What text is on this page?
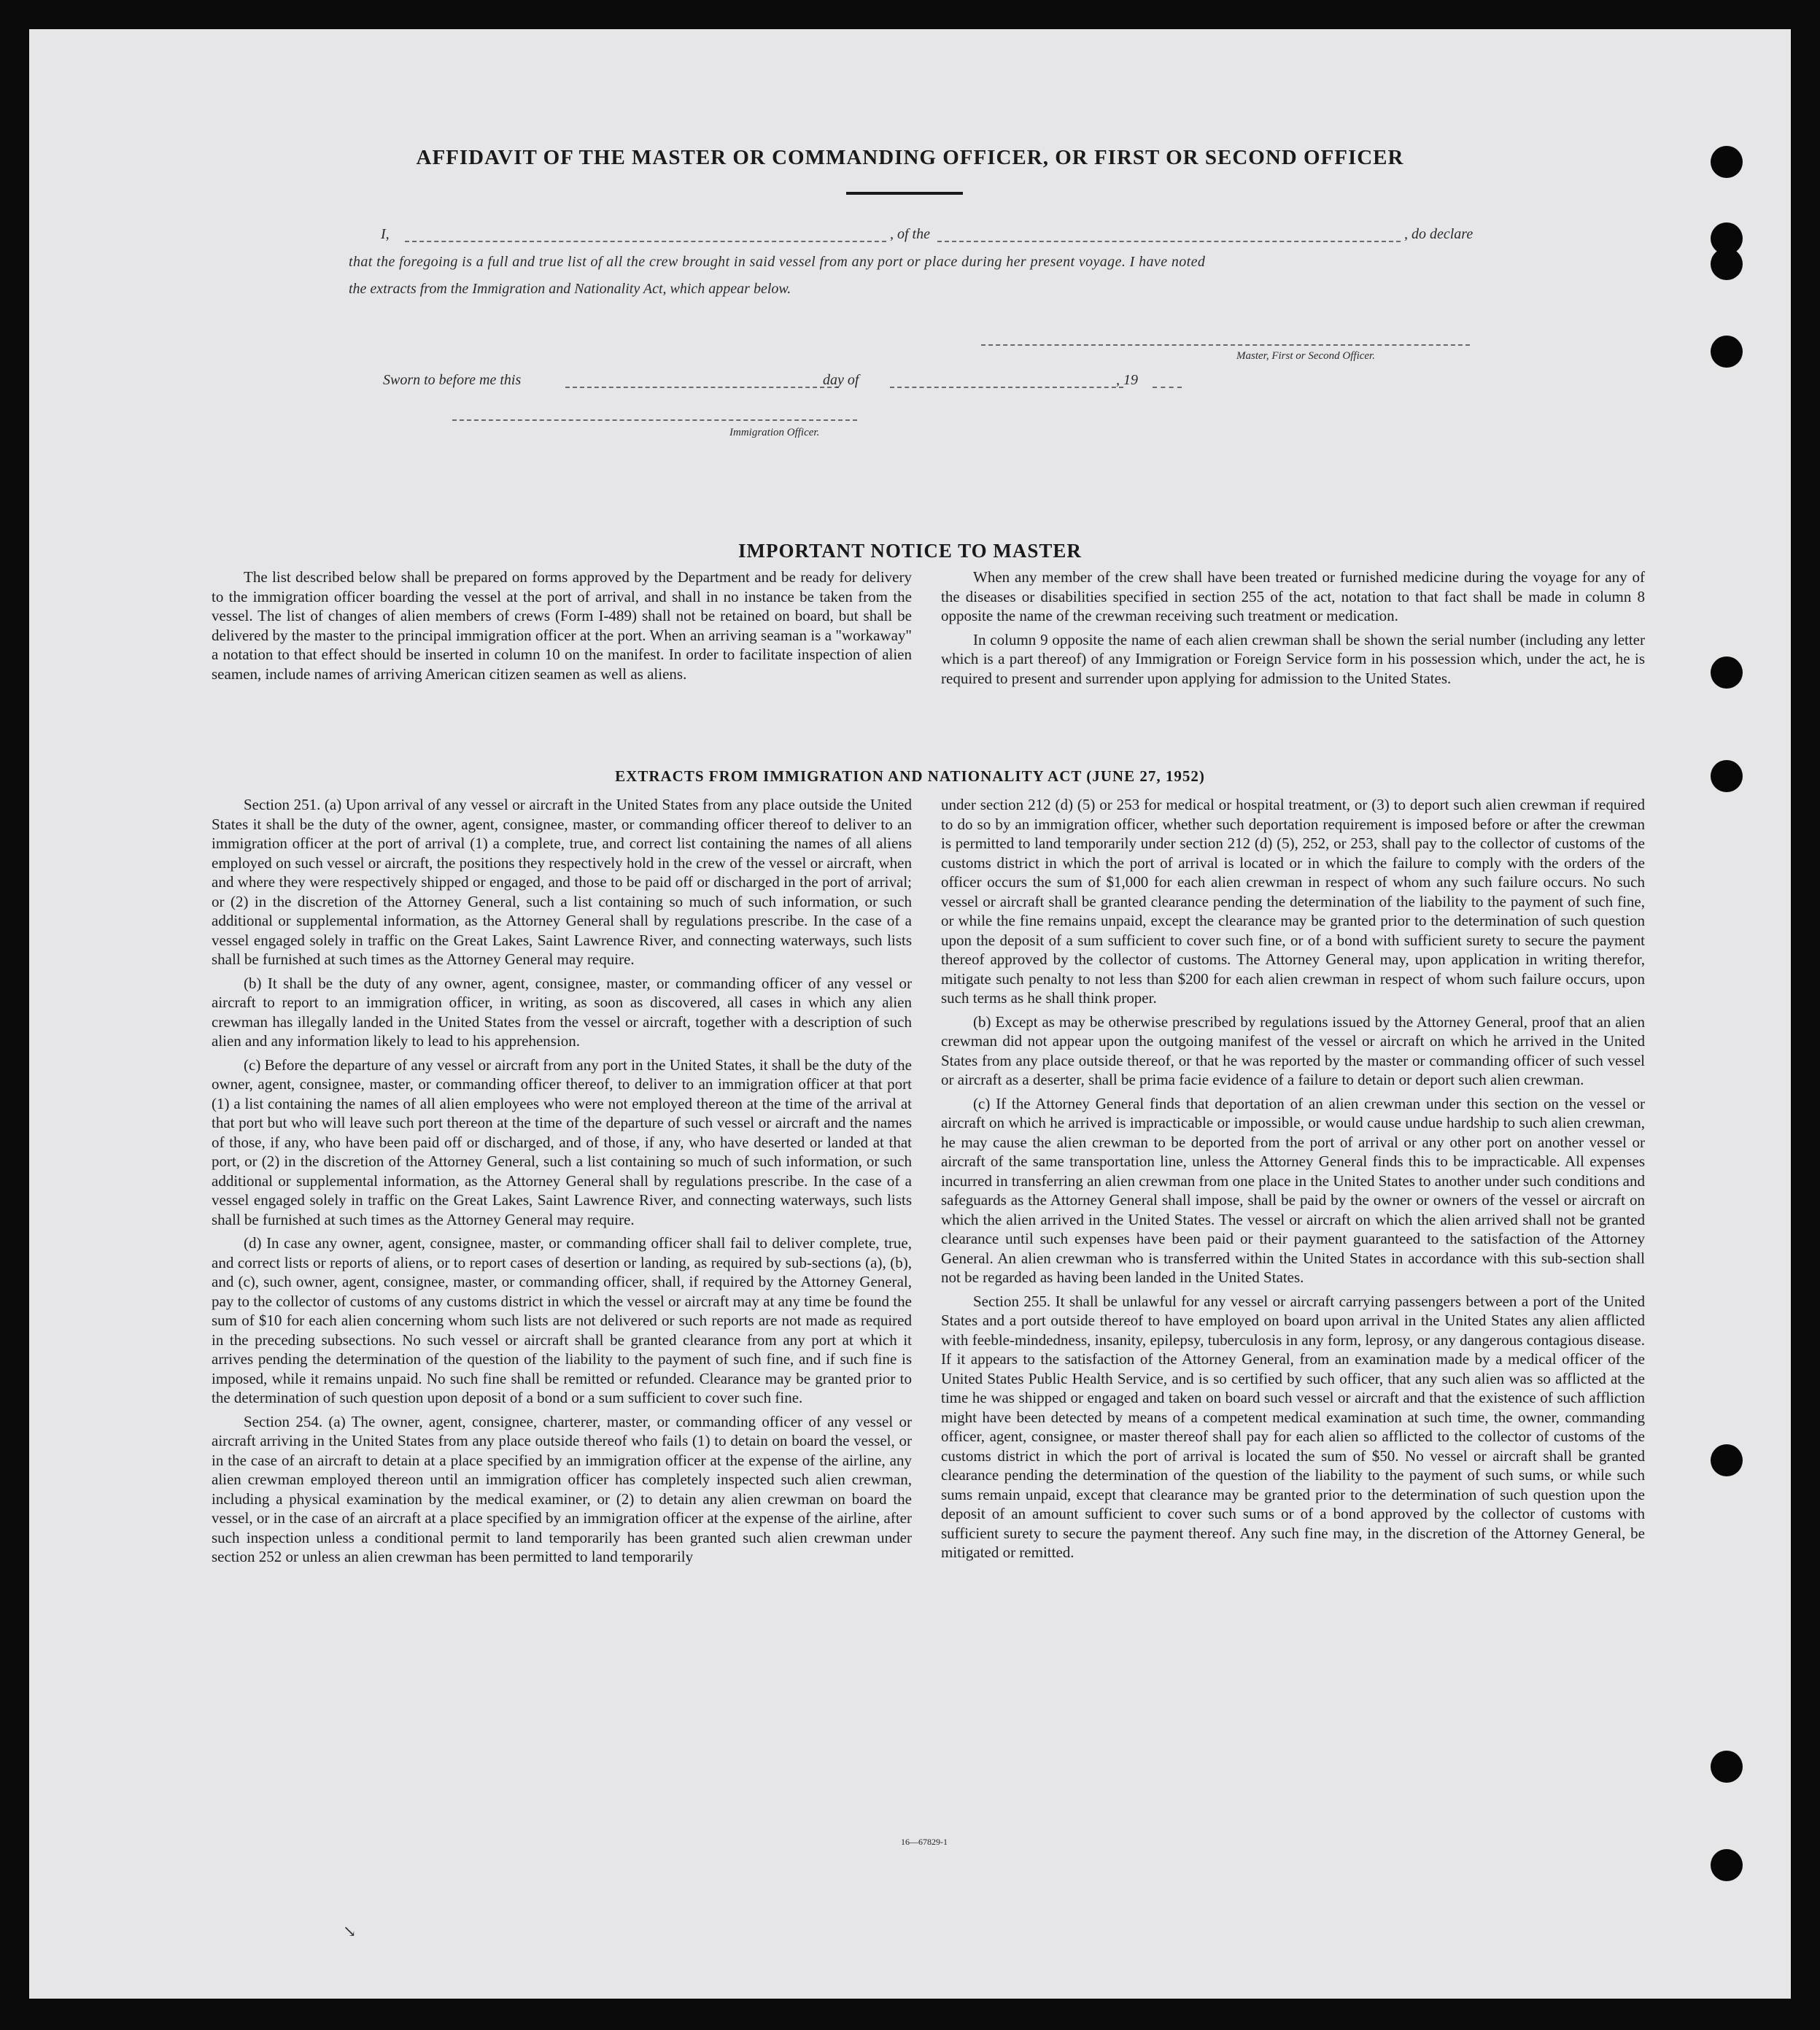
AFFIDAVIT OF THE MASTER OR COMMANDING OFFICER, OR FIRST OR SECOND OFFICER
I,	, of the	, do declare
that the foregoing is a full and true list of all the crew brought in said vessel from any port or place during her present voyage. I have noted
the extracts from the Immigration and Nationality Act, which appear below.
Master, First or Second Officer.
Sworn to before me this	day of	, 19
Immigration Officer.
IMPORTANT NOTICE TO MASTER

The list described below shall be prepared on forms approved by the Department and be ready for delivery to the immigration officer boarding the vessel at the port of arrival, and shall in no instance be taken from the vessel. The list of changes of alien members of crews (Form I-489) shall not be retained on board, but shall be delivered by the master to the principal immigration officer at the port. When an arriving seaman is a "workaway" a notation to that effect should be inserted in column 10 on the manifest. In order to facilitate inspection of alien seamen, include names of arriving American citizen seamen as well as aliens.

When any member of the crew shall have been treated or furnished medicine during the voyage for any of the diseases or disabilities specified in section 255 of the act, notation to that fact shall be made in column 8 opposite the name of the crewman receiving such treatment or medication.

In column 9 opposite the name of each alien crewman shall be shown the serial number (including any letter which is a part thereof) of any Immigration or Foreign Service form in his possession which, under the act, he is required to present and surrender upon applying for admission to the United States.

EXTRACTS FROM IMMIGRATION AND NATIONALITY ACT (JUNE 27, 1952)

Section 251. (a) Upon arrival of any vessel or aircraft in the United States from any place outside the United States it shall be the duty of the owner, agent, consignee, master, or commanding officer thereof to deliver to an immigration officer at the port of arrival (1) a complete, true, and correct list containing the names of all aliens employed on such vessel or aircraft, the positions they respectively hold in the crew of the vessel or aircraft, when and where they were respectively shipped or engaged, and those to be paid off or discharged in the port of arrival; or (2) in the discretion of the Attorney General, such a list containing so much of such information, or such additional or supplemental information, as the Attorney General shall by regulations prescribe. In the case of a vessel engaged solely in traffic on the Great Lakes, Saint Lawrence River, and connecting waterways, such lists shall be furnished at such times as the Attorney General may require.

(b) It shall be the duty of any owner, agent, consignee, master, or commanding officer of any vessel or aircraft to report to an immigration officer, in writing, as soon as discovered, all cases in which any alien crewman has illegally landed in the United States from the vessel or aircraft, together with a description of such alien and any information likely to lead to his apprehension.

(c) Before the departure of any vessel or aircraft from any port in the United States, it shall be the duty of the owner, agent, consignee, master, or commanding officer thereof, to deliver to an immigration officer at that port (1) a list containing the names of all alien employees who were not employed thereon at the time of the arrival at that port but who will leave such port thereon at the time of the departure of such vessel or aircraft and the names of those, if any, who have been paid off or discharged, and of those, if any, who have deserted or landed at that port, or (2) in the discretion of the Attorney General, such a list containing so much of such information, or such additional or supplemental information, as the Attorney General shall by regulations prescribe. In the case of a vessel engaged solely in traffic on the Great Lakes, Saint Lawrence River, and connecting waterways, such lists shall be furnished at such times as the Attorney General may require.

(d) In case any owner, agent, consignee, master, or commanding officer shall fail to deliver complete, true, and correct lists or reports of aliens, or to report cases of desertion or landing, as required by sub-sections (a), (b), and (c), such owner, agent, consignee, master, or commanding officer, shall, if required by the Attorney General, pay to the collector of customs of any customs district in which the vessel or aircraft may at any time be found the sum of $10 for each alien concerning whom such lists are not delivered or such reports are not made as required in the preceding subsections. No such vessel or aircraft shall be granted clearance from any port at which it arrives pending the determination of the question of the liability to the payment of such fine, and if such fine is imposed, while it remains unpaid. No such fine shall be remitted or refunded. Clearance may be granted prior to the determination of such question upon deposit of a bond or a sum sufficient to cover such fine.

Section 254. (a) The owner, agent, consignee, charterer, master, or commanding officer of any vessel or aircraft arriving in the United States from any place outside thereof who fails (1) to detain on board the vessel, or in the case of an aircraft to detain at a place specified by an immigration officer at the expense of the airline, any alien crewman employed thereon until an immigration officer has completely inspected such alien crewman, including a physical examination by the medical examiner, or (2) to detain any alien crewman on board the vessel, or in the case of an aircraft at a place specified by an immigration officer at the expense of the airline, after such inspection unless a conditional permit to land temporarily has been granted such alien crewman under section 252 or unless an alien crewman has been permitted to land temporarily

under section 212 (d) (5) or 253 for medical or hospital treatment, or (3) to deport such alien crewman if required to do so by an immigration officer, whether such deportation requirement is imposed before or after the crewman is permitted to land temporarily under section 212 (d) (5), 252, or 253, shall pay to the collector of customs of the customs district in which the port of arrival is located or in which the failure to comply with the orders of the officer occurs the sum of $1,000 for each alien crewman in respect of whom any such failure occurs. No such vessel or aircraft shall be granted clearance pending the determination of the liability to the payment of such fine, or while the fine remains unpaid, except the clearance may be granted prior to the determination of such question upon the deposit of a sum sufficient to cover such fine, or of a bond with sufficient surety to secure the payment thereof approved by the collector of customs. The Attorney General may, upon application in writing therefor, mitigate such penalty to not less than $200 for each alien crewman in respect of whom such failure occurs, upon such terms as he shall think proper.

(b) Except as may be otherwise prescribed by regulations issued by the Attorney General, proof that an alien crewman did not appear upon the outgoing manifest of the vessel or aircraft on which he arrived in the United States from any place outside thereof, or that he was reported by the master or commanding officer of such vessel or aircraft as a deserter, shall be prima facie evidence of a failure to detain or deport such alien crewman.

(c) If the Attorney General finds that deportation of an alien crewman under this section on the vessel or aircraft on which he arrived is impracticable or impossible, or would cause undue hardship to such alien crewman, he may cause the alien crewman to be deported from the port of arrival or any other port on another vessel or aircraft of the same transportation line, unless the Attorney General finds this to be impracticable. All expenses incurred in transferring an alien crewman from one place in the United States to another under such conditions and safeguards as the Attorney General shall impose, shall be paid by the owner or owners of the vessel or aircraft on which the alien arrived in the United States. The vessel or aircraft on which the alien arrived shall not be granted clearance until such expenses have been paid or their payment guaranteed to the satisfaction of the Attorney General. An alien crewman who is transferred within the United States in accordance with this sub-section shall not be regarded as having been landed in the United States.

Section 255. It shall be unlawful for any vessel or aircraft carrying passengers between a port of the United States and a port outside thereof to have employed on board upon arrival in the United States any alien afflicted with feeble-mindedness, insanity, epilepsy, tuberculosis in any form, leprosy, or any dangerous contagious disease. If it appears to the satisfaction of the Attorney General, from an examination made by a medical officer of the United States Public Health Service, and is so certified by such officer, that any such alien was so afflicted at the time he was shipped or engaged and taken on board such vessel or aircraft and that the existence of such affliction might have been detected by means of a competent medical examination at such time, the owner, commanding officer, agent, consignee, or master thereof shall pay for each alien so afflicted to the collector of customs of the customs district in which the port of arrival is located the sum of $50. No vessel or aircraft shall be granted clearance pending the determination of the question of the liability to the payment of such sums, or while such sums remain unpaid, except that clearance may be granted prior to the determination of such question upon the deposit of an amount sufficient to cover such sums or of a bond approved by the collector of customs with sufficient surety to secure the payment thereof. Any such fine may, in the discretion of the Attorney General, be mitigated or remitted.

16—67829-1
↘
